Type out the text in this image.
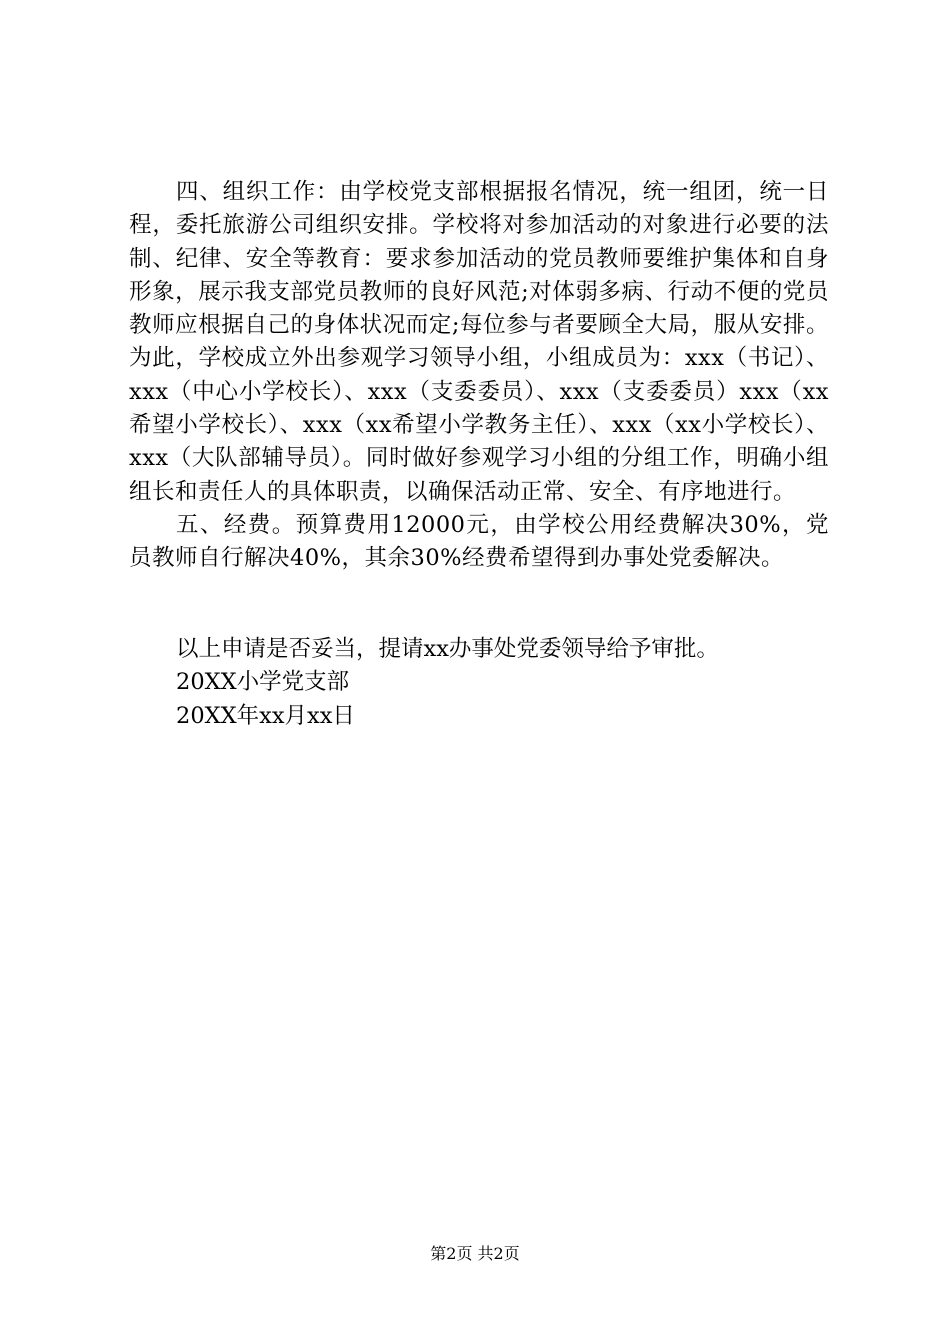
四、组织工作：由学校党支部根据报名情况，统一组团，统一日程，委托旅游公司组织安排。学校将对参加活动的对象进行必要的法制、纪律、安全等教育：要求参加活动的党员教师要维护集体和自身形象，展示我支部党员教师的良好风范;对体弱多病、行动不便的党员教师应根据自己的身体状况而定;每位参与者要顾全大局，服从安排。为此，学校成立外出参观学习领导小组，小组成员为：xxx（书记）、xxx（中心小学校长）、xxx（支委委员）、xxx（支委委员）xxx（xx希望小学校长）、xxx（xx希望小学教务主任）、xxx（xx小学校长）、xxx（大队部辅导员）。同时做好参观学习小组的分组工作，明确小组组长和责任人的具体职责，以确保活动正常、安全、有序地进行。

五、经费。预算费用12000元，由学校公用经费解决30%，党员教师自行解决40%，其余30%经费希望得到办事处党委解决。

以上申请是否妥当，提请xx办事处党委领导给予审批。

20XX小学党支部

20XX年xx月xx日

第2页 共2页
